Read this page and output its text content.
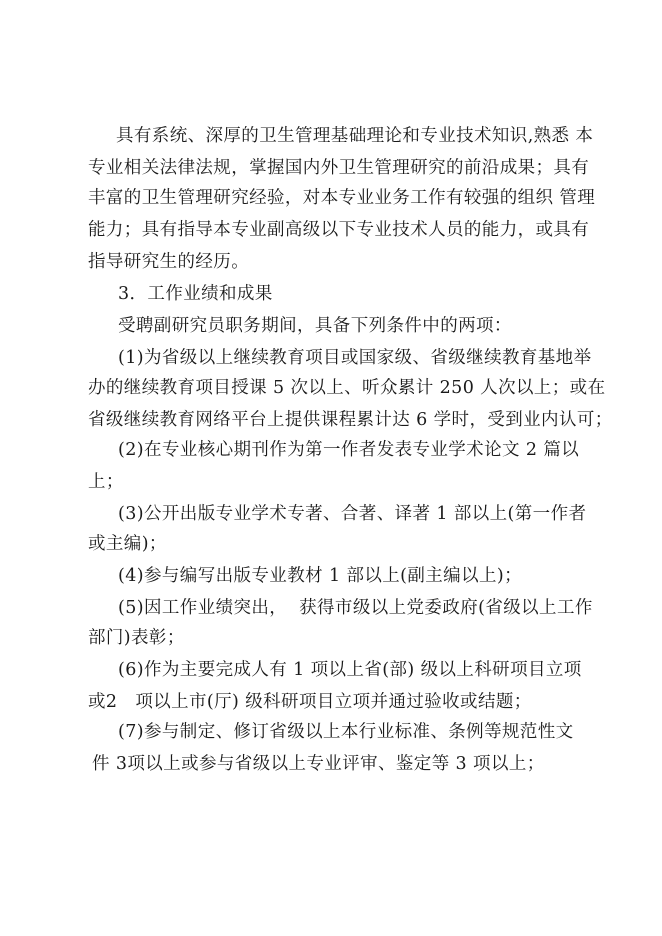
具有系统、深厚的卫生管理基础理论和专业技术知识,熟悉 本
专业相关法律法规，掌握国内外卫生管理研究的前沿成果；具有
丰富的卫生管理研究经验，对本专业业务工作有较强的组织 管理
能力；具有指导本专业副高级以下专业技术人员的能力，或具有
指导研究生的经历。
3．工作业绩和成果
受聘副研究员职务期间，具备下列条件中的两项：
(1)为省级以上继续教育项目或国家级、省级继续教育基地举
办的继续教育项目授课 5 次以上、听众累计 250 人次以上；或在
省级继续教育网络平台上提供课程累计达 6 学时，受到业内认可；
(2)在专业核心期刊作为第一作者发表专业学术论文 2 篇以
上；
(3)公开出版专业学术专著、合著、译著 1 部以上(第一作者
或主编)；
(4)参与编写出版专业教材 1 部以上(副主编以上)；
(5)因工作业绩突出，  获得市级以上党委政府(省级以上工作
部门)表彰；
(6)作为主要完成人有 1 项以上省(部) 级以上科研项目立项
或2   项以上市(厅) 级科研项目立项并通过验收或结题；
(7)参与制定、修订省级以上本行业标准、条例等规范性文
件 3项以上或参与省级以上专业评审、鉴定等 3 项以上；
